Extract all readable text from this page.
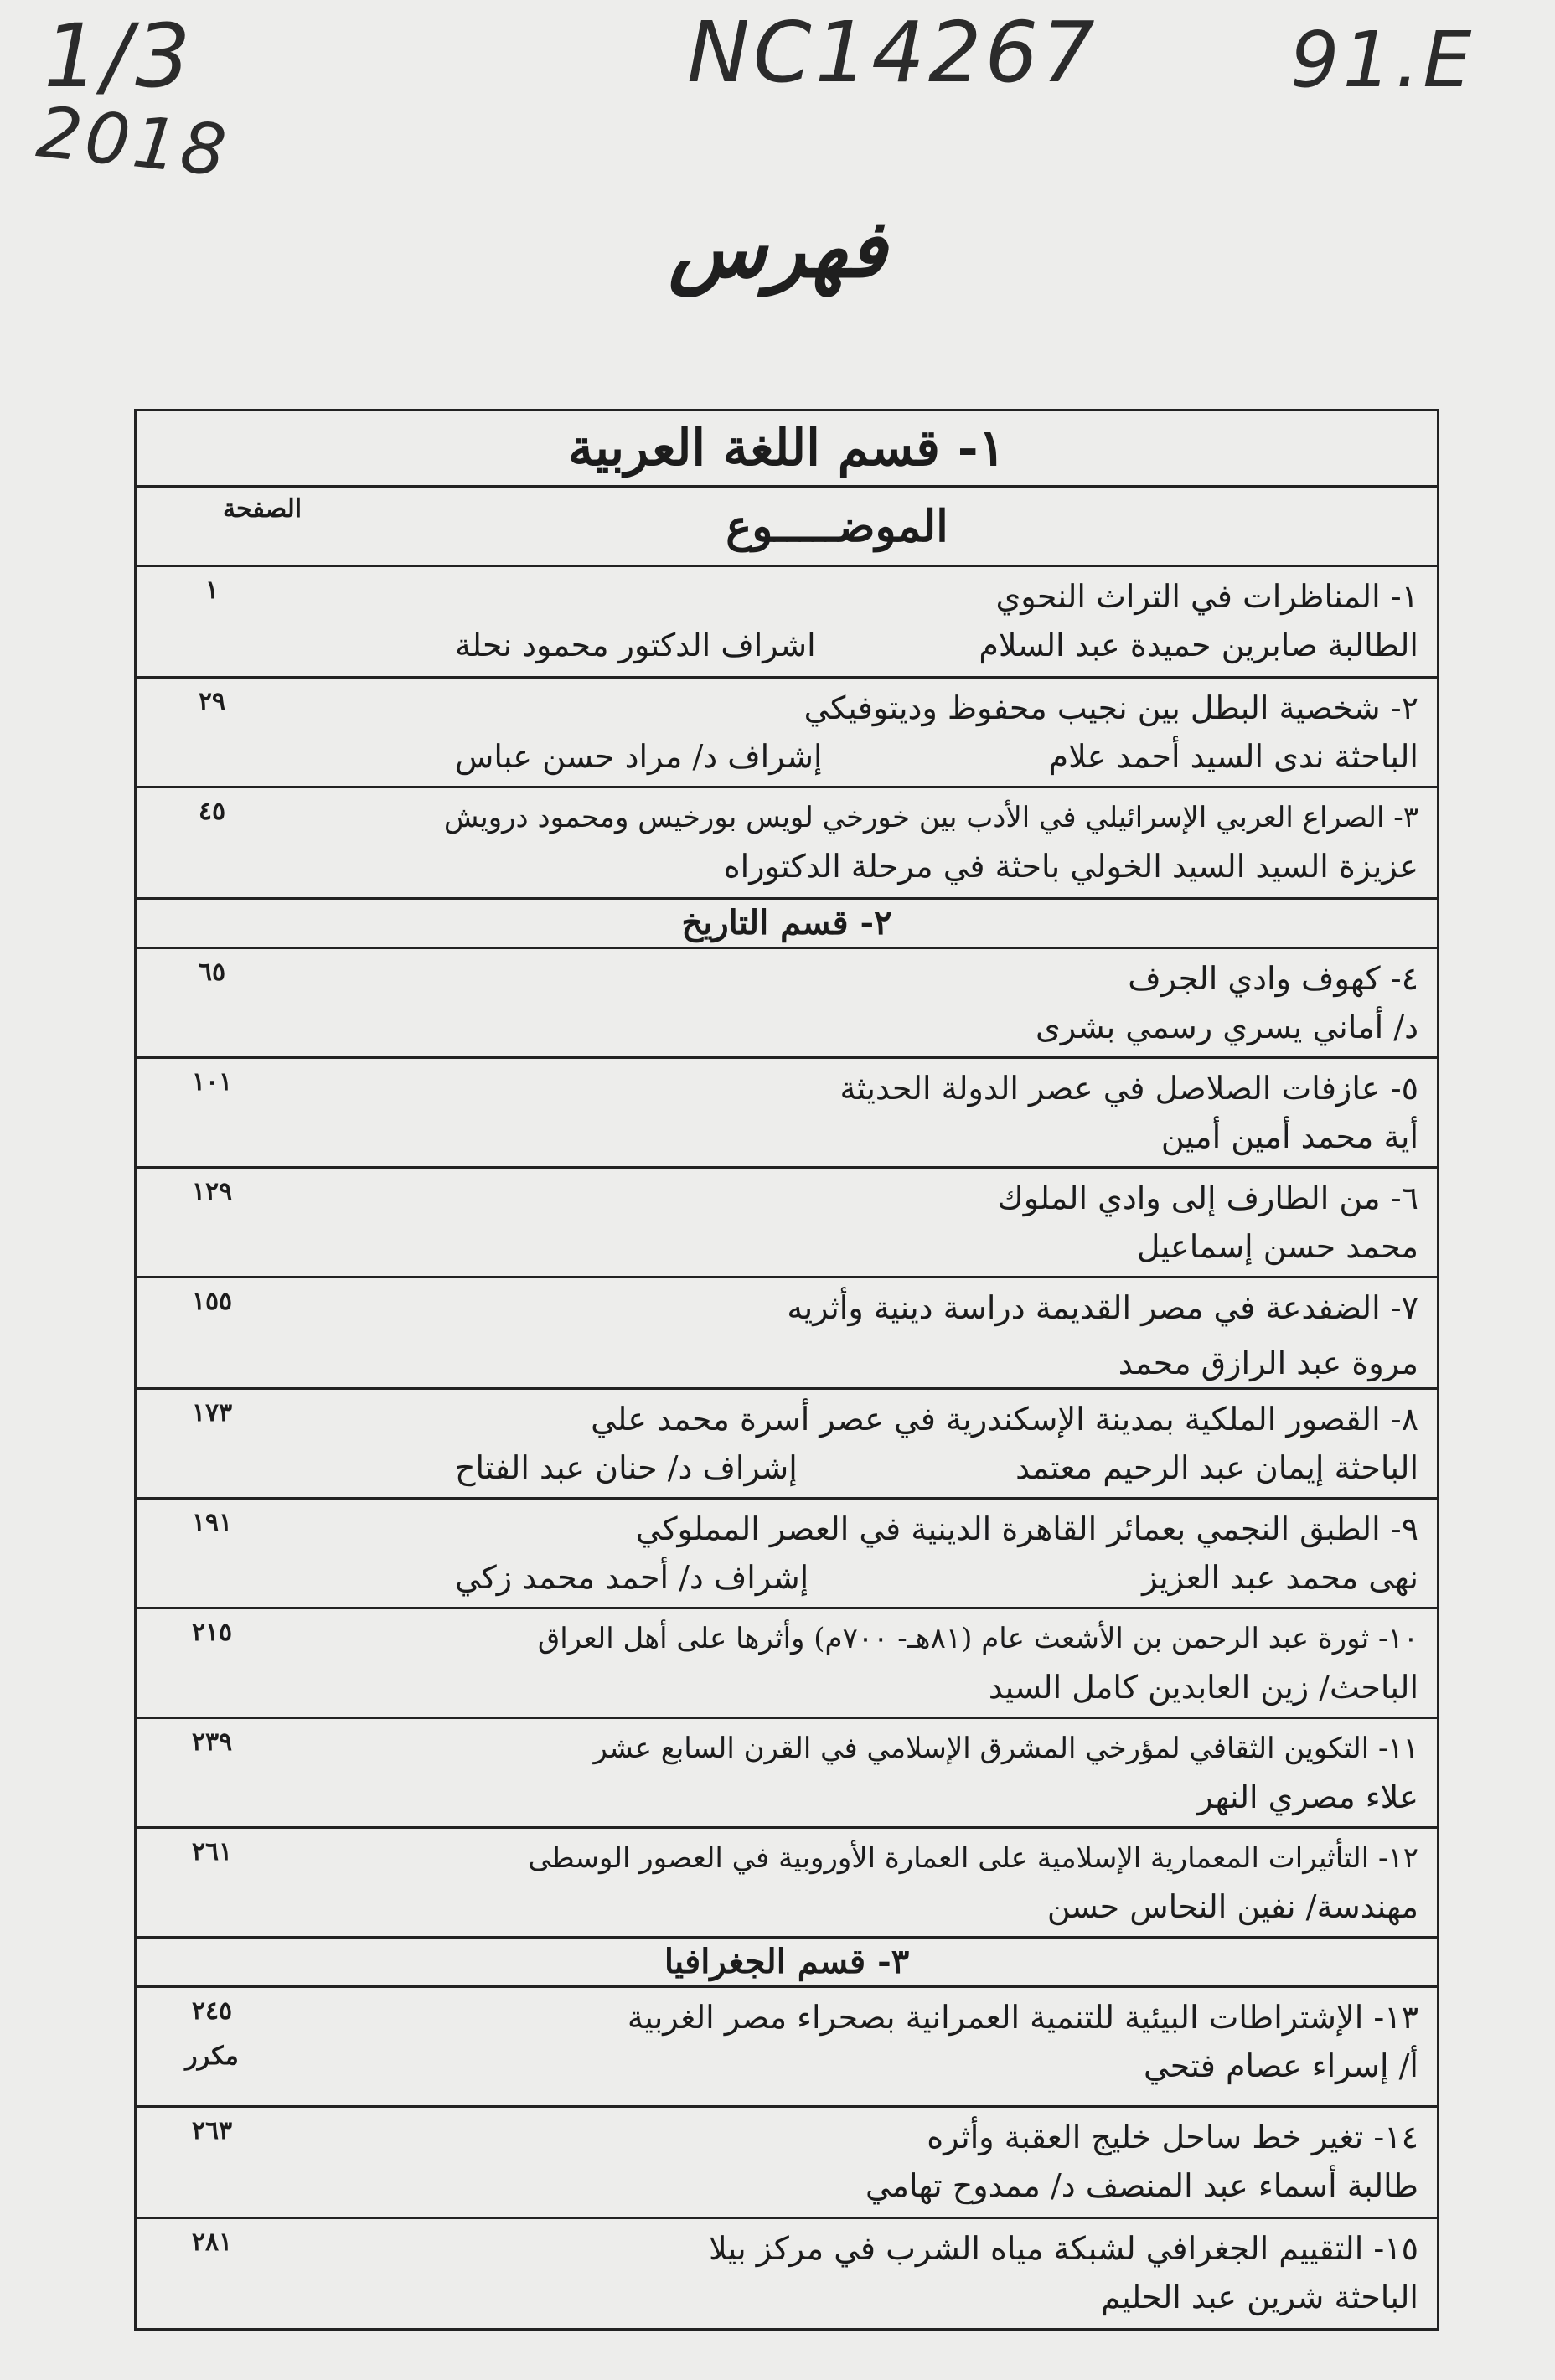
1/3
2018
NC14267 91.E
فهرس
١- قسم اللغة العربية
الموضـــــوع
الصفحة
١- المناظرات في التراث النحوي
الطالبة صابرين حميدة عبد السلام
اشراف الدكتور محمود نحلة
١
٢- شخصية البطل بين نجيب محفوظ وديتوفيكي
الباحثة ندى السيد أحمد علام
إشراف د/ مراد حسن عباس
٢٩
٣- الصراع العربي الإسرائيلي في الأدب بين خورخي لويس بورخيس ومحمود درويش
عزيزة السيد السيد الخولي باحثة في مرحلة الدكتوراه
٤٥
٢- قسم التاريخ
٤- كهوف وادي الجرف
د/ أماني يسري رسمي بشرى
٦٥
٥- عازفات الصلاصل في عصر الدولة الحديثة
أية محمد أمين أمين
١٠١
٦- من الطارف إلى وادي الملوك
محمد حسن إسماعيل
١٢٩
٧- الضفدعة في مصر القديمة دراسة دينية وأثريه
مروة عبد الرازق محمد
١٥٥
٨- القصور الملكية بمدينة الإسكندرية في عصر أسرة محمد علي
الباحثة إيمان عبد الرحيم معتمد
إشراف د/ حنان عبد الفتاح
١٧٣
٩- الطبق النجمي بعمائر القاهرة الدينية في العصر المملوكي
نهى محمد عبد العزيز
إشراف د/ أحمد محمد زكي
١٩١
١٠- ثورة عبد الرحمن بن الأشعث عام (٨١هـ- ٧٠٠م) وأثرها على أهل العراق
الباحث/ زين العابدين كامل السيد
٢١٥
١١- التكوين الثقافي لمؤرخي المشرق الإسلامي في القرن السابع عشر
علاء مصري النهر
٢٣٩
١٢- التأثيرات المعمارية الإسلامية على العمارة الأوروبية في العصور الوسطى
مهندسة/ نفين النحاس حسن
٢٦١
٣- قسم الجغرافيا
١٣- الإشتراطات البيئية للتنمية العمرانية بصحراء مصر الغربية
أ/ إسراء عصام فتحي
٢٤٥
مكرر
١٤- تغير خط ساحل خليج العقبة وأثره
طالبة أسماء عبد المنصف د/ ممدوح تهامي
٢٦٣
١٥- التقييم الجغرافي لشبكة مياه الشرب في مركز بيلا
الباحثة شرين عبد الحليم
٢٨١
